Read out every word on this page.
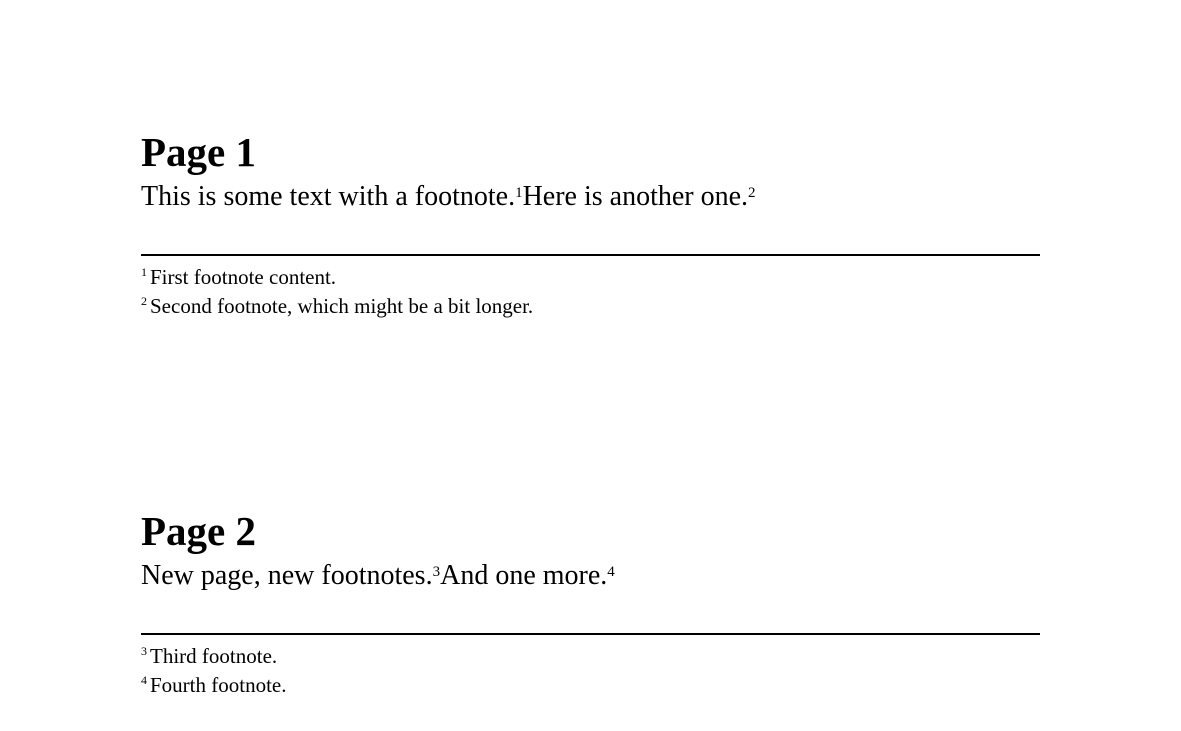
Page 1

This is some text with a footnote.$^1$ Here is another one.$^2$

$^1$ First footnote content.
$^2$ Second footnote, which might be a bit longer.
Page 2

New page, new footnotes.$^3$ And one more.$^4$

$^3$ Third footnote.
$^4$ Fourth footnote.
